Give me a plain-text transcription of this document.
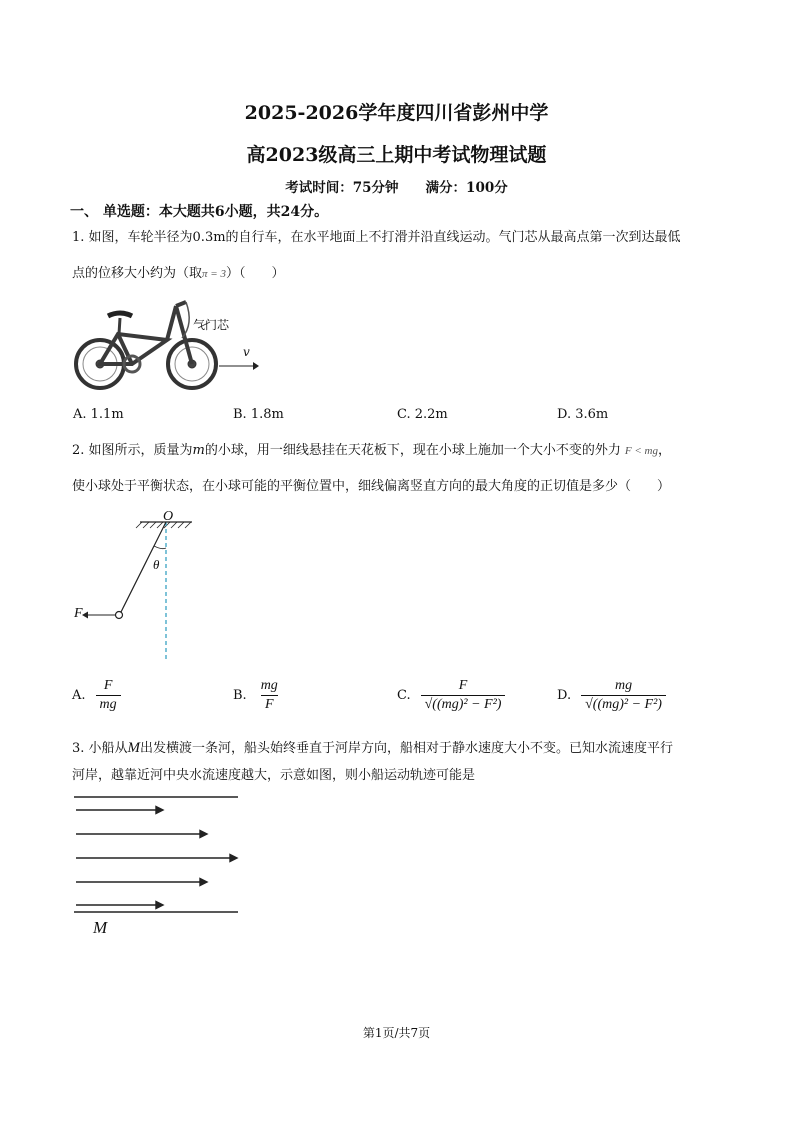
2025-2026学年度四川省彭州中学
高2023级高三上期中考试物理试题
考试时间：75分钟　　满分：100分
一、 单选题：本大题共6小题，共24分。
1. 如图，车轮半径为0.3m的自行车，在水平地面上不打滑并沿直线运动。气门芯从最高点第一次到达最低
点的位移大小约为（取π = 3）（　　）
气门芯
v
A. 1.1m	B. 1.8m	C. 2.2m	D. 3.6m
2. 如图所示，质量为m的小球，用一细线悬挂在天花板下，现在小球上施加一个大小不变的外力 F < mg，
使小球处于平衡状态，在小球可能的平衡位置中，细线偏离竖直方向的最大角度的正切值是多少（　　）
O
θ
F
A. $\frac{F}{mg}$	B. $\frac{mg}{F}$	C. $\frac{F}{\text{√((mg)² − F²)}}$	D. $\frac{mg}{\text{√((mg)² − F²)}}$
3. 小船从M出发横渡一条河，船头始终垂直于河岸方向，船相对于静水速度大小不变。已知水流速度平行
河岸，越靠近河中央水流速度越大，示意如图，则小船运动轨迹可能是
M
第1页/共7页
